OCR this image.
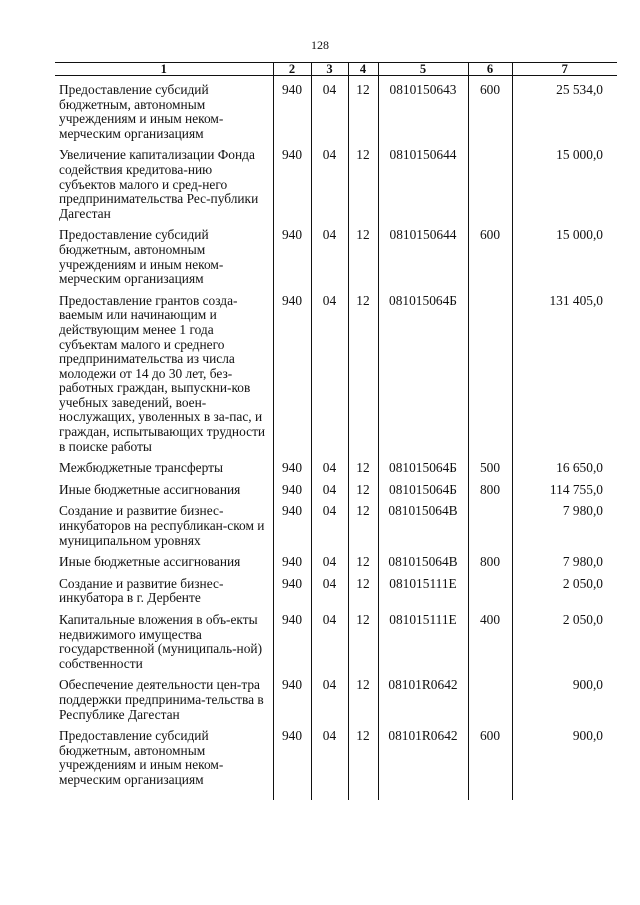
128
1	2	3	4	5	6	7
Предоставление субсидий бюджетным, автономным учреждениям и иным неком-мерческим организациям	940	04	12	0810150643	600	25 534,0
Увеличение капитализации Фонда содействия кредитова-нию субъектов малого и сред-него предпринимательства Рес-публики Дагестан	940	04	12	0810150644		15 000,0
Предоставление субсидий бюджетным, автономным учреждениям и иным неком-мерческим организациям	940	04	12	0810150644	600	15 000,0
Предоставление грантов созда-ваемым или начинающим и действующим менее 1 года субъектам малого и среднего предпринимательства из числа молодежи от 14 до 30 лет, без-работных граждан, выпускни-ков учебных заведений, воен-нослужащих, уволенных в за-пас, и граждан, испытывающих трудности в поиске работы	940	04	12	081015064Б		131 405,0
Межбюджетные трансферты	940	04	12	081015064Б	500	16 650,0
Иные бюджетные ассигнования	940	04	12	081015064Б	800	114 755,0
Создание и развитие бизнес-инкубаторов на республикан-ском и муниципальном уровнях	940	04	12	081015064В		7 980,0
Иные бюджетные ассигнования	940	04	12	081015064В	800	7 980,0
Создание и развитие бизнес-инкубатора в г. Дербенте	940	04	12	081015111Е		2 050,0
Капитальные вложения в объ-екты недвижимого имущества государственной (муниципаль-ной) собственности	940	04	12	081015111Е	400	2 050,0
Обеспечение деятельности цен-тра поддержки предпринима-тельства в Республике Дагестан	940	04	12	08101R0642		900,0
Предоставление субсидий бюджетным, автономным учреждениям и иным неком-мерческим организациям	940	04	12	08101R0642	600	900,0
